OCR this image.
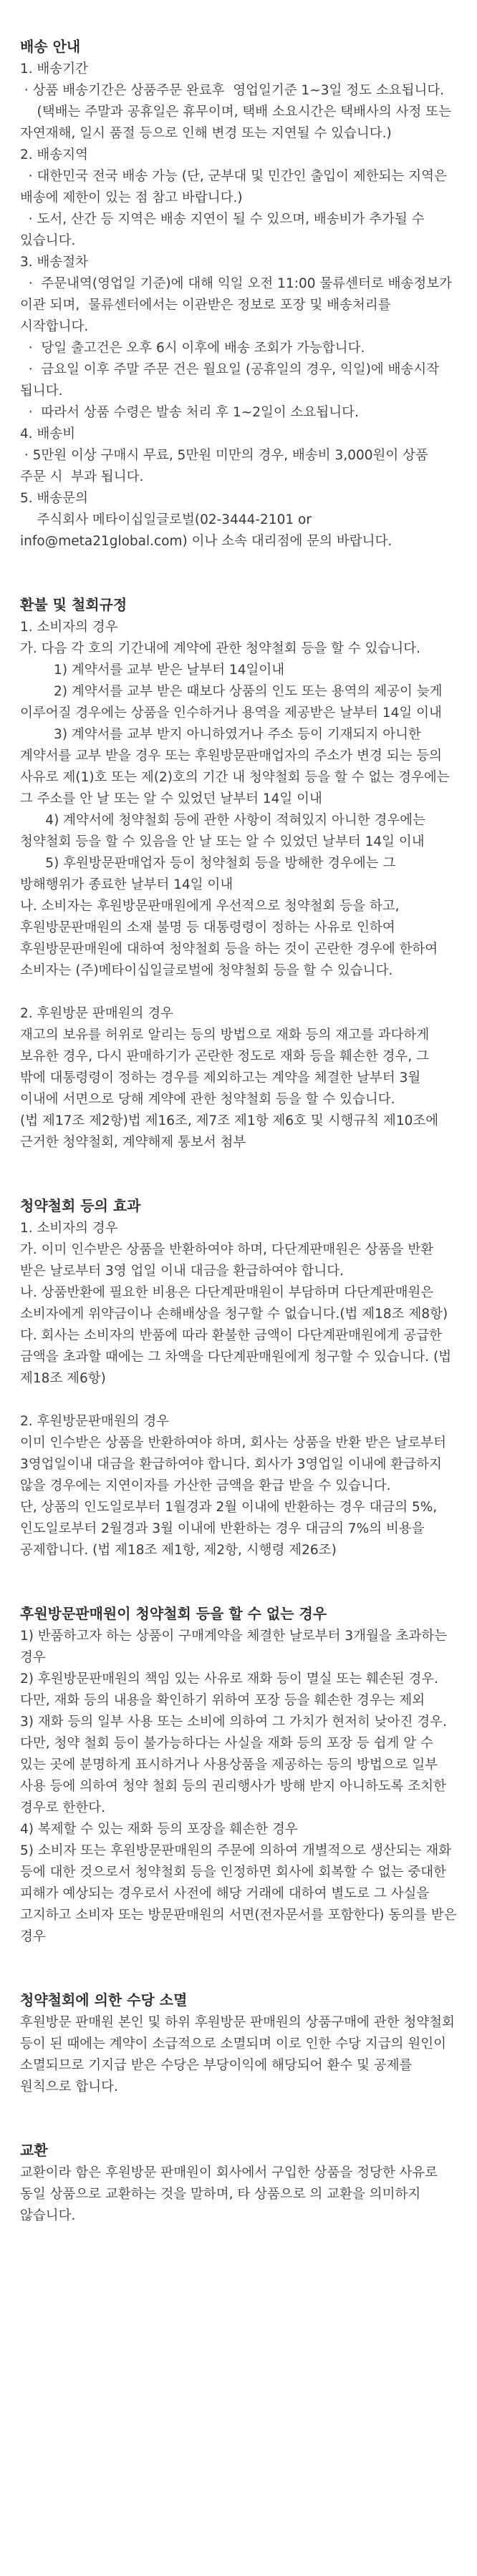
배송 안내
1. 배송기간
· 상품 배송기간은 상품주문 완료후  영업일기준 1~3일 정도 소요됩니다.
(택배는 주말과 공휴일은 휴무이며, 택배 소요시간은 택배사의 사정 또는 자연재해, 일시 품절 등으로 인해 변경 또는 지연될 수 있습니다.)
2. 배송지역
· 대한민국 전국 배송 가능 (단, 군부대 및 민간인 출입이 제한되는 지역은 배송에 제한이 있는 점 참고 바랍니다.)
· 도서, 산간 등 지역은 배송 지연이 될 수 있으며, 배송비가 추가될 수 있습니다.
3. 배송절차
·  주문내역(영업일 기준)에 대해 익일 오전 11:00 물류센터로 배송정보가 이관 되며,  물류센터에서는 이관받은 정보로 포장 및 배송처리를 시작합니다.
·  당일 출고건은 오후 6시 이후에 배송 조회가 가능합니다.
·  금요일 이후 주말 주문 건은 월요일 (공휴일의 경우, 익일)에 배송시작 됩니다.
·  따라서 상품 수령은 발송 처리 후 1~2일이 소요됩니다.
4. 배송비
· 5만원 이상 구매시 무료, 5만원 미만의 경우, 배송비 3,000원이 상품 주문 시  부과 됩니다.
5. 배송문의
주식회사 메타이십일글로벌(02-3444-2101 or info@meta21global.com) 이나 소속 대리점에 문의 바랍니다.
환불 및 철회규정
1. 소비자의 경우
가. 다음 각 호의 기간내에 계약에 관한 청약철회 등을 할 수 있습니다.
1) 계약서를 교부 받은 날부터 14일이내
2) 계약서를 교부 받은 때보다 상품의 인도 또는 용역의 제공이 늦게 이루어질 경우에는 상품을 인수하거나 용역을 제공받은 날부터 14일 이내
3) 계약서를 교부 받지 아니하였거나 주소 등이 기재되지 아니한 계약서를 교부 받을 경우 또는 후원방문판매업자의 주소가 변경 되는 등의 사유로 제(1)호 또는 제(2)호의 기간 내 청약철회 등을 할 수 없는 경우에는 그 주소를 안 날 또는 알 수 있었던 날부터 14일 이내
4) 계약서에 청약철회 등에 관한 사항이 적혀있지 아니한 경우에는 청약철회 등을 할 수 있음을 안 날 또는 알 수 있었던 날부터 14일 이내
5) 후원방문판매업자 등이 청약철회 등을 방해한 경우에는 그 방해행위가 종료한 날부터 14일 이내
나. 소비자는 후원방문판매원에게 우선적으로 청약철회 등을 하고, 후원방문판매원의 소재 불명 등 대통령령이 정하는 사유로 인하여 후원방문판매원에 대하여 청약철회 등을 하는 것이 곤란한 경우에 한하여 소비자는 (주)메타이십일글로벌에 청약철회 등을 할 수 있습니다.
2. 후원방문 판매원의 경우
재고의 보유를 허위로 알리는 등의 방법으로 재화 등의 재고를 과다하게 보유한 경우, 다시 판매하기가 곤란한 정도로 재화 등을 훼손한 경우, 그 밖에 대통령령이 정하는 경우를 제외하고는 계약을 체결한 날부터 3월 이내에 서면으로 당해 계약에 관한 청약철회 등을 할 수 있습니다.
(법 제17조 제2항)법 제16조, 제7조 제1항 제6호 및 시행규칙 제10조에 근거한 청약철회, 계약해제 통보서 첨부
청약철회 등의 효과
1. 소비자의 경우
가. 이미 인수받은 상품을 반환하여야 하며, 다단계판매원은 상품을 반환 받은 날로부터 3영 업일 이내 대금을 환급하여야 합니다.
나. 상품반환에 필요한 비용은 다단계판매원이 부담하며 다단계판매원은 소비자에게 위약금이나 손해배상을 청구할 수 없습니다.(법 제18조 제8항)
다. 회사는 소비자의 반품에 따라 환불한 금액이 다단계판매원에게 공급한 금액을 초과할 때에는 그 차액을 다단계판매원에게 청구할 수 있습니다. (법 제18조 제6항)
2. 후원방문판매원의 경우
이미 인수받은 상품을 반환하여야 하며, 회사는 상품을 반환 받은 날로부터 3영업일이내 대금을 환급하여야 합니다. 회사가 3영업일 이내에 환급하지 않을 경우에는 지연이자를 가산한 금액을 환급 받을 수 있습니다.
단, 상품의 인도일로부터 1월경과 2월 이내에 반환하는 경우 대금의 5%, 인도일로부터 2월경과 3월 이내에 반환하는 경우 대금의 7%의 비용을 공제합니다. (법 제18조 제1항, 제2항, 시행령 제26조)
후원방문판매원이 청약철회 등을 할 수 없는 경우
1) 반품하고자 하는 상품이 구매계약을 체결한 날로부터 3개월을 초과하는 경우
2) 후원방문판매원의 책임 있는 사유로 재화 등이 멸실 또는 훼손된 경우. 다만, 재화 등의 내용을 확인하기 위하여 포장 등을 훼손한 경우는 제외
3) 재화 등의 일부 사용 또는 소비에 의하여 그 가치가 현저히 낮아진 경우. 다만, 청약 철회 등이 불가능하다는 사실을 재화 등의 포장 등 쉽게 알 수 있는 곳에 분명하게 표시하거나 사용상품을 제공하는 등의 방법으로 일부 사용 등에 의하여 청약 철회 등의 권리행사가 방해 받지 아니하도록 조치한 경우로 한한다.
4) 복제할 수 있는 재화 등의 포장을 훼손한 경우
5) 소비자 또는 후원방문판매원의 주문에 의하여 개별적으로 생산되는 재화 등에 대한 것으로서 청약철회 등을 인정하면 회사에 회복할 수 없는 중대한 피해가 예상되는 경우로서 사전에 해당 거래에 대하여 별도로 그 사실을 고지하고 소비자 또는 방문판매원의 서면(전자문서를 포함한다) 동의를 받은 경우
청약철회에 의한 수당 소멸
후원방문 판매원 본인 및 하위 후원방문 판매원의 상품구매에 관한 청약철회 등이 된 때에는 계약이 소급적으로 소멸되며 이로 인한 수당 지급의 원인이 소멸되므로 기지급 받은 수당은 부당이익에 해당되어 환수 및 공제를 원칙으로 합니다.
교환
교환이라 함은 후원방문 판매원이 회사에서 구입한 상품을 정당한 사유로 동일 상품으로 교환하는 것을 말하며, 타 상품으로 의 교환을 의미하지 않습니다.
